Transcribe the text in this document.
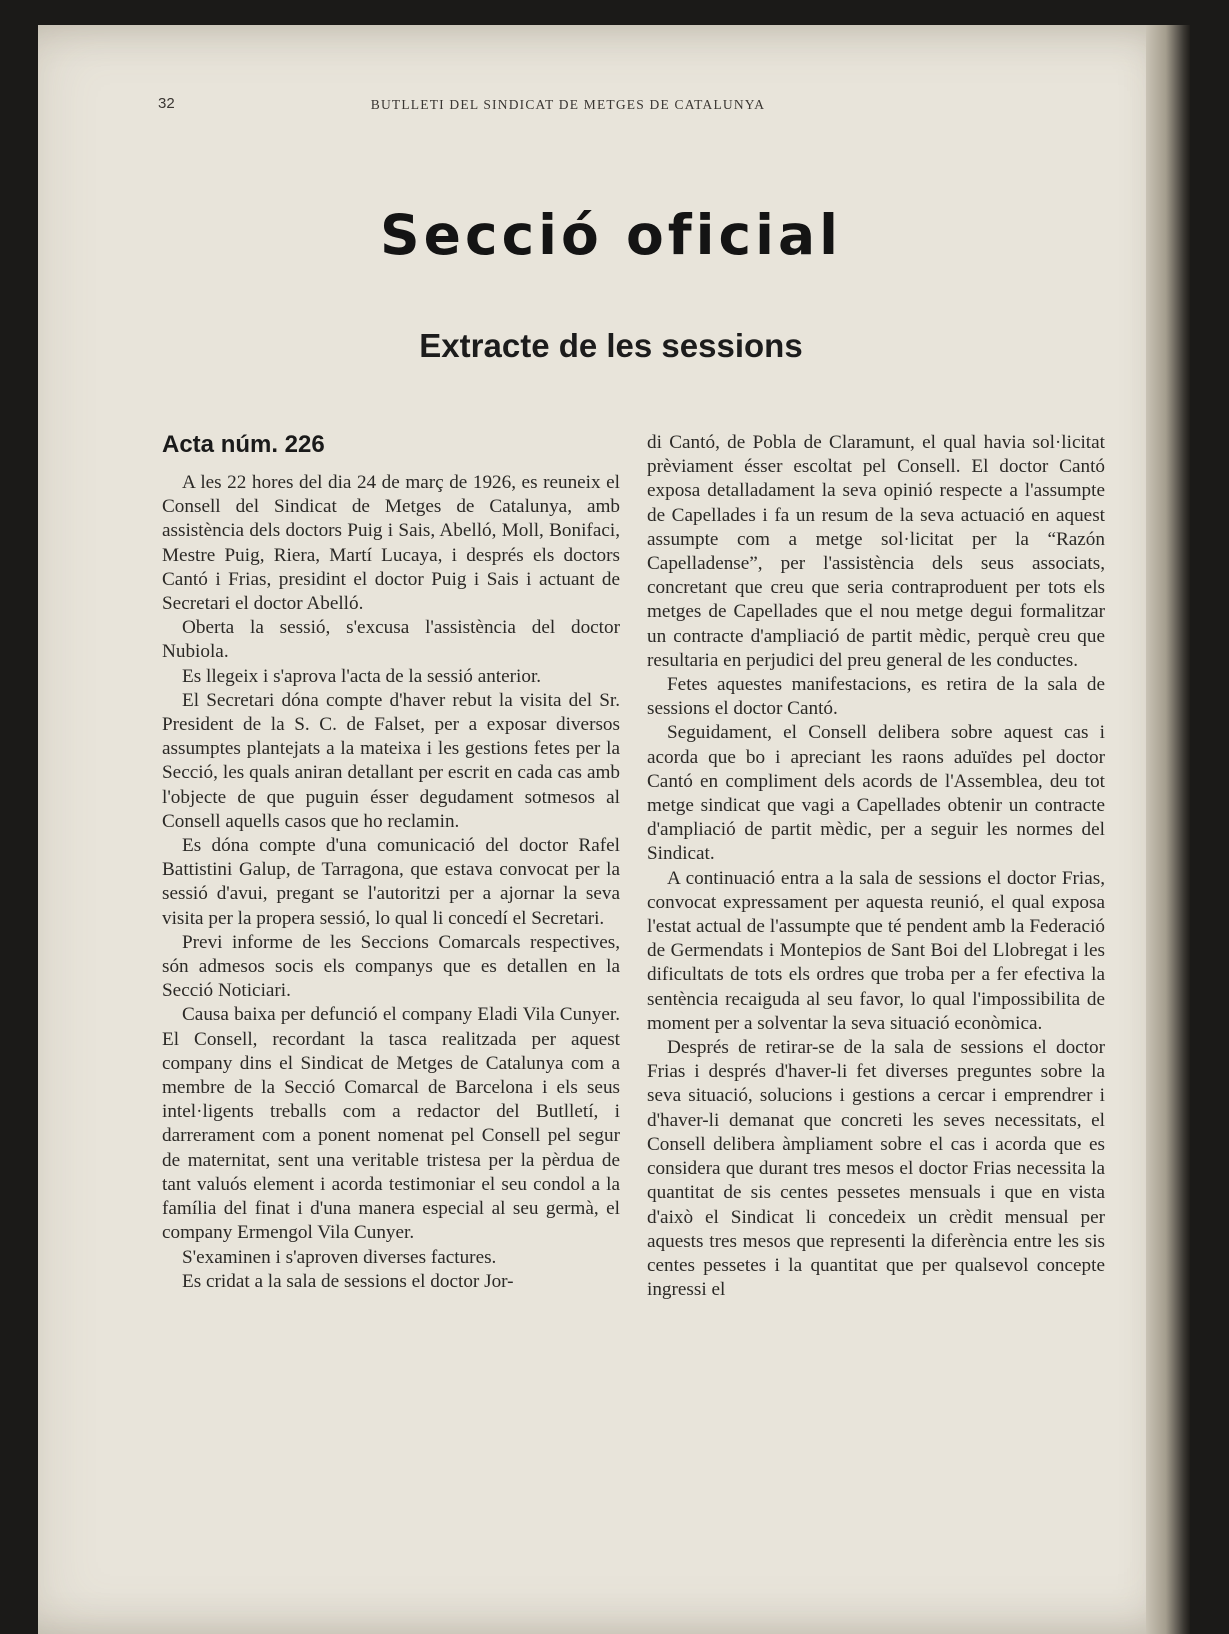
32	BUTLLETI DEL SINDICAT DE METGES DE CATALUNYA
Secció oficial
Extracte de les sessions
Acta núm. 226

A les 22 hores del dia 24 de març de 1926, es reuneix el Consell del Sindicat de Metges de Catalunya, amb assistència dels doctors Puig i Sais, Abelló, Moll, Bonifaci, Mestre Puig, Riera, Martí Lucaya, i després els doctors Cantó i Frias, presidint el doctor Puig i Sais i actuant de Secretari el doctor Abelló.

Oberta la sessió, s'excusa l'assistència del doctor Nubiola.

Es llegeix i s'aprova l'acta de la sessió anterior.

El Secretari dóna compte d'haver rebut la visita del Sr. President de la S. C. de Falset, per a exposar diversos assumptes plantejats a la mateixa i les gestions fetes per la Secció, les quals aniran detallant per escrit en cada cas amb l'objecte de que puguin ésser degudament sotmesos al Consell aquells casos que ho reclamin.

Es dóna compte d'una comunicació del doctor Rafel Battistini Galup, de Tarragona, que estava convocat per la sessió d'avui, pregant se l'autoritzi per a ajornar la seva visita per la propera sessió, lo qual li concedí el Secretari.

Previ informe de les Seccions Comarcals respectives, són admesos socis els companys que es detallen en la Secció Noticiari.

Causa baixa per defunció el company Eladi Vila Cunyer. El Consell, recordant la tasca realitzada per aquest company dins el Sindicat de Metges de Catalunya com a membre de la Secció Comarcal de Barcelona i els seus intel·ligents treballs com a redactor del Butlletí, i darrerament com a ponent nomenat pel Consell pel segur de maternitat, sent una veritable tristesa per la pèrdua de tant valuós element i acorda testimoniar el seu condol a la família del finat i d'una manera especial al seu germà, el company Ermengol Vila Cunyer.

S'examinen i s'aproven diverses factures.

Es cridat a la sala de sessions el doctor Jor-

di Cantó, de Pobla de Claramunt, el qual havia sol·licitat prèviament ésser escoltat pel Consell. El doctor Cantó exposa detalladament la seva opinió respecte a l'assumpte de Capellades i fa un resum de la seva actuació en aquest assumpte com a metge sol·licitat per la “Razón Capelladense”, per l'assistència dels seus associats, concretant que creu que seria contraproduent per tots els metges de Capellades que el nou metge degui formalitzar un contracte d'ampliació de partit mèdic, perquè creu que resultaria en perjudici del preu general de les conductes.

Fetes aquestes manifestacions, es retira de la sala de sessions el doctor Cantó.

Seguidament, el Consell delibera sobre aquest cas i acorda que bo i apreciant les raons aduïdes pel doctor Cantó en compliment dels acords de l'Assemblea, deu tot metge sindicat que vagi a Capellades obtenir un contracte d'ampliació de partit mèdic, per a seguir les normes del Sindicat.

A continuació entra a la sala de sessions el doctor Frias, convocat expressament per aquesta reunió, el qual exposa l'estat actual de l'assumpte que té pendent amb la Federació de Germendats i Montepios de Sant Boi del Llobregat i les dificultats de tots els ordres que troba per a fer efectiva la sentència recaiguda al seu favor, lo qual l'impossibilita de moment per a solventar la seva situació econòmica.

Després de retirar-se de la sala de sessions el doctor Frias i després d'haver-li fet diverses preguntes sobre la seva situació, solucions i gestions a cercar i emprendrer i d'haver-li demanat que concreti les seves necessitats, el Consell delibera àmpliament sobre el cas i acorda que es considera que durant tres mesos el doctor Frias necessita la quantitat de sis centes pessetes mensuals i que en vista d'això el Sindicat li concedeix un crèdit mensual per aquests tres mesos que representi la diferència entre les sis centes pessetes i la quantitat que per qualsevol concepte ingressi el
